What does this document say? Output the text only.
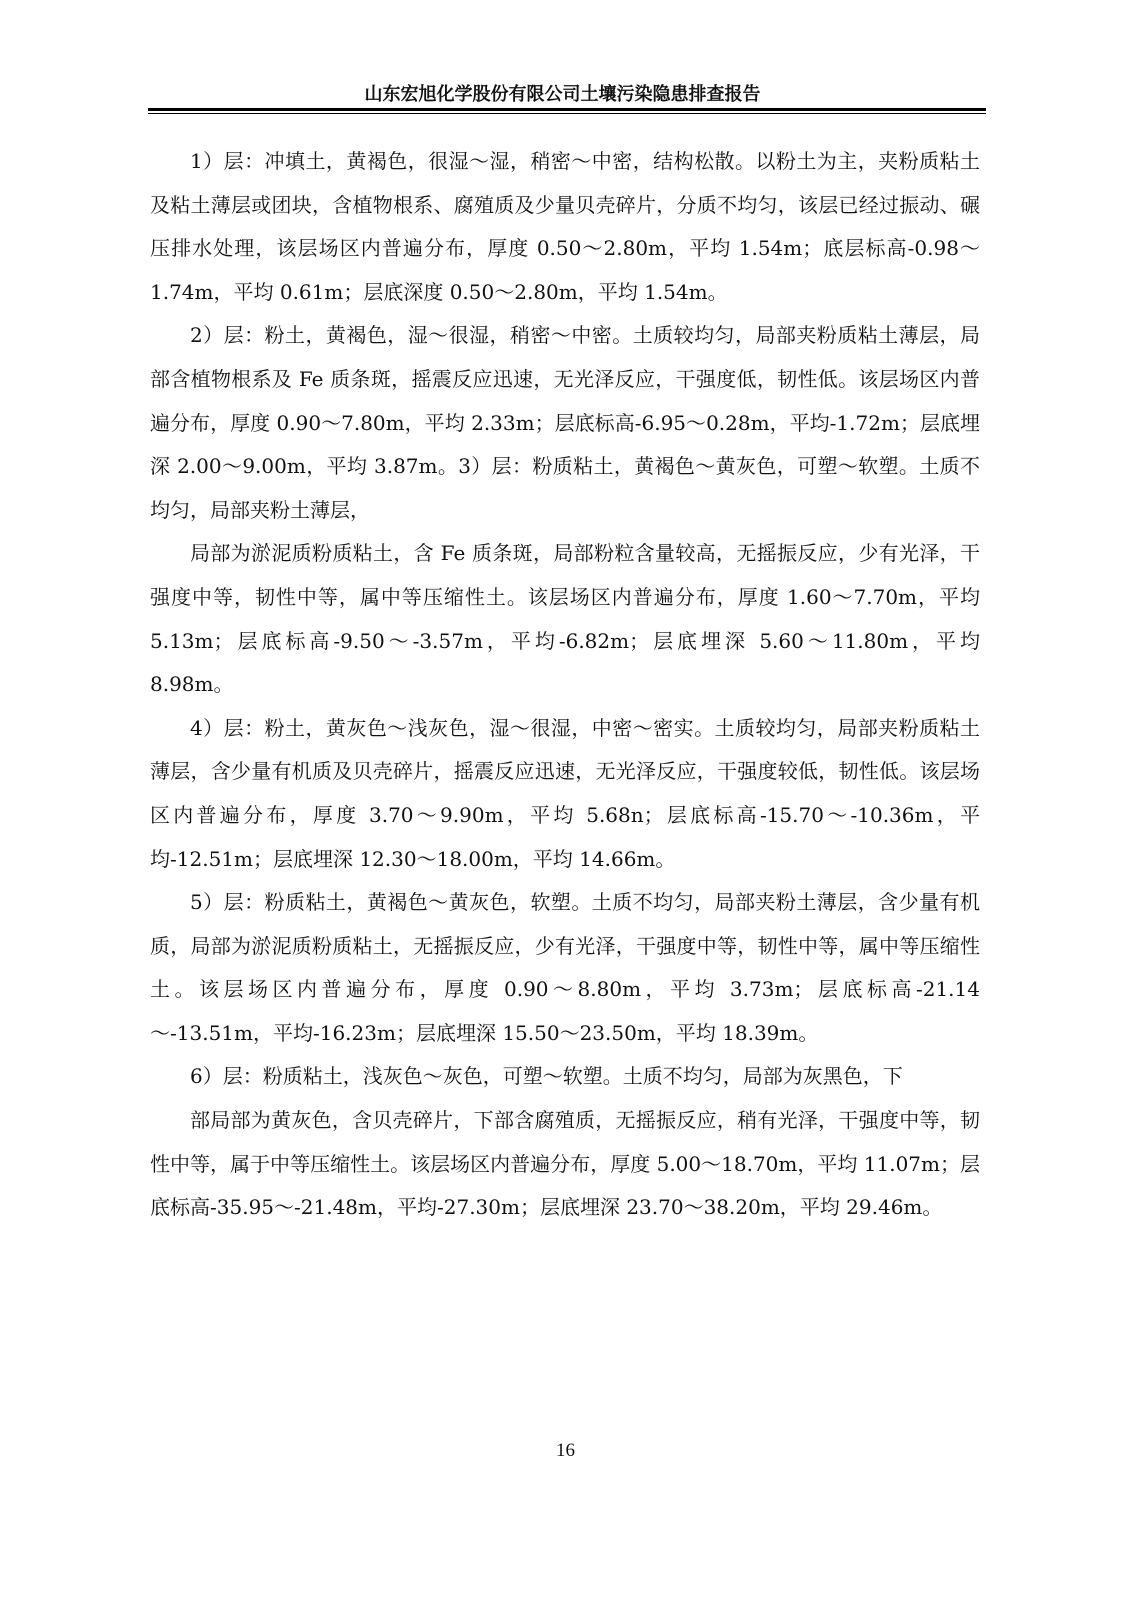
山东宏旭化学股份有限公司土壤污染隐患排查报告

1）层：冲填土，黄褐色，很湿～湿，稍密～中密，结构松散。以粉土为主，夹粉质粘土及粘土薄层或团块，含植物根系、腐殖质及少量贝壳碎片，分质不均匀，该层已经过振动、碾压排水处理，该层场区内普遍分布，厚度 0.50～2.80m，平均 1.54m；底层标高-0.98～1.74m，平均 0.61m；层底深度 0.50～2.80m，平均 1.54m。

2）层：粉土，黄褐色，湿～很湿，稍密～中密。土质较均匀，局部夹粉质粘土薄层，局部含植物根系及 Fe 质条斑，摇震反应迅速，无光泽反应，干强度低，韧性低。该层场区内普遍分布，厚度 0.90～7.80m，平均 2.33m；层底标高-6.95～0.28m，平均-1.72m；层底埋深 2.00～9.00m，平均 3.87m。3）层：粉质粘土，黄褐色～黄灰色，可塑～软塑。土质不均匀，局部夹粉土薄层，

局部为淤泥质粉质粘土，含 Fe 质条斑，局部粉粒含量较高，无摇振反应，少有光泽，干强度中等，韧性中等，属中等压缩性土。该层场区内普遍分布，厚度 1.60～7.70m，平均 5.13m；层底标高-9.50～-3.57m，平均-6.82m；层底埋深 5.60～11.80m，平均 8.98m。

4）层：粉土，黄灰色～浅灰色，湿～很湿，中密～密实。土质较均匀，局部夹粉质粘土薄层，含少量有机质及贝壳碎片，摇震反应迅速，无光泽反应，干强度较低，韧性低。该层场区内普遍分布，厚度 3.70～9.90m，平均 5.68n；层底标高-15.70～-10.36m，平均-12.51m；层底埋深 12.30～18.00m，平均 14.66m。

5）层：粉质粘土，黄褐色～黄灰色，软塑。土质不均匀，局部夹粉土薄层，含少量有机质，局部为淤泥质粉质粘土，无摇振反应，少有光泽，干强度中等，韧性中等，属中等压缩性土。该层场区内普遍分布，厚度 0.90～8.80m，平均 3.73m；层底标高-21.14～-13.51m，平均-16.23m；层底埋深 15.50～23.50m，平均 18.39m。

6）层：粉质粘土，浅灰色～灰色，可塑～软塑。土质不均匀，局部为灰黑色，下

部局部为黄灰色，含贝壳碎片，下部含腐殖质，无摇振反应，稍有光泽，干强度中等，韧性中等，属于中等压缩性土。该层场区内普遍分布，厚度 5.00～18.70m，平均 11.07m；层底标高-35.95～-21.48m，平均-27.30m；层底埋深 23.70～38.20m，平均 29.46m。

16
